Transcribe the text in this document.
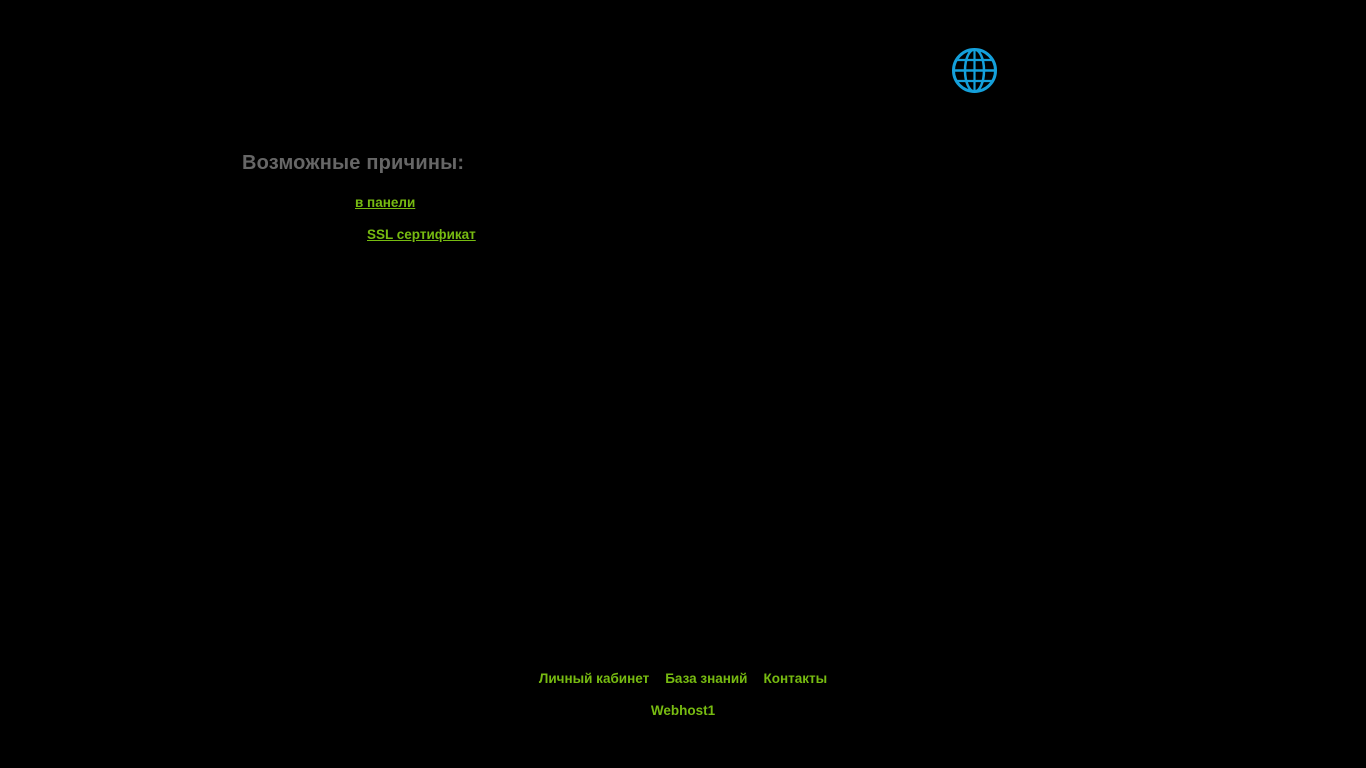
Возможные причины:
в панели
SSL сертификат
Личный кабинет База знаний Контакты
Webhost1
